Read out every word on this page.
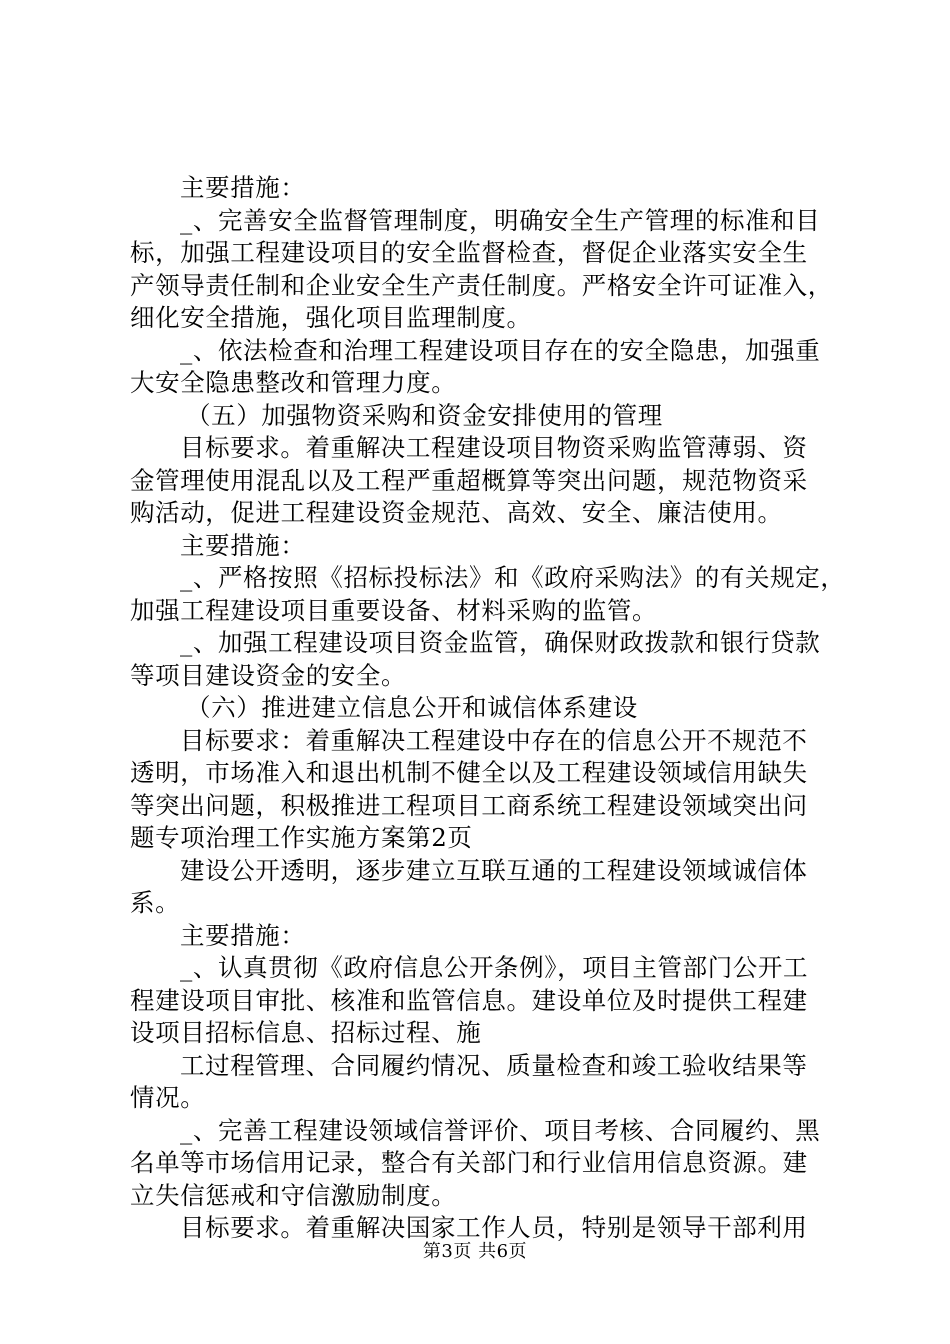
主要措施：
_、完善安全监督管理制度，明确安全生产管理的标准和目
标，加强工程建设项目的安全监督检查，督促企业落实安全生
产领导责任制和企业安全生产责任制度。严格安全许可证准入，
细化安全措施，强化项目监理制度。
_、依法检查和治理工程建设项目存在的安全隐患，加强重
大安全隐患整改和管理力度。
（五）加强物资采购和资金安排使用的管理
目标要求。着重解决工程建设项目物资采购监管薄弱、资
金管理使用混乱以及工程严重超概算等突出问题，规范物资采
购活动，促进工程建设资金规范、高效、安全、廉洁使用。
主要措施：
_、严格按照《招标投标法》和《政府采购法》的有关规定，
加强工程建设项目重要设备、材料采购的监管。
_、加强工程建设项目资金监管，确保财政拨款和银行贷款
等项目建设资金的安全。
（六）推进建立信息公开和诚信体系建设
目标要求：着重解决工程建设中存在的信息公开不规范不
透明，市场准入和退出机制不健全以及工程建设领域信用缺失
等突出问题，积极推进工程项目工商系统工程建设领域突出问
题专项治理工作实施方案第2页
建设公开透明，逐步建立互联互通的工程建设领域诚信体
系。
主要措施：
_、认真贯彻《政府信息公开条例》，项目主管部门公开工
程建设项目审批、核准和监管信息。建设单位及时提供工程建
设项目招标信息、招标过程、施
工过程管理、合同履约情况、质量检查和竣工验收结果等
情况。
_、完善工程建设领域信誉评价、项目考核、合同履约、黑
名单等市场信用记录，整合有关部门和行业信用信息资源。建
立失信惩戒和守信激励制度。
目标要求。着重解决国家工作人员，特别是领导干部利用
第3页 共6页
